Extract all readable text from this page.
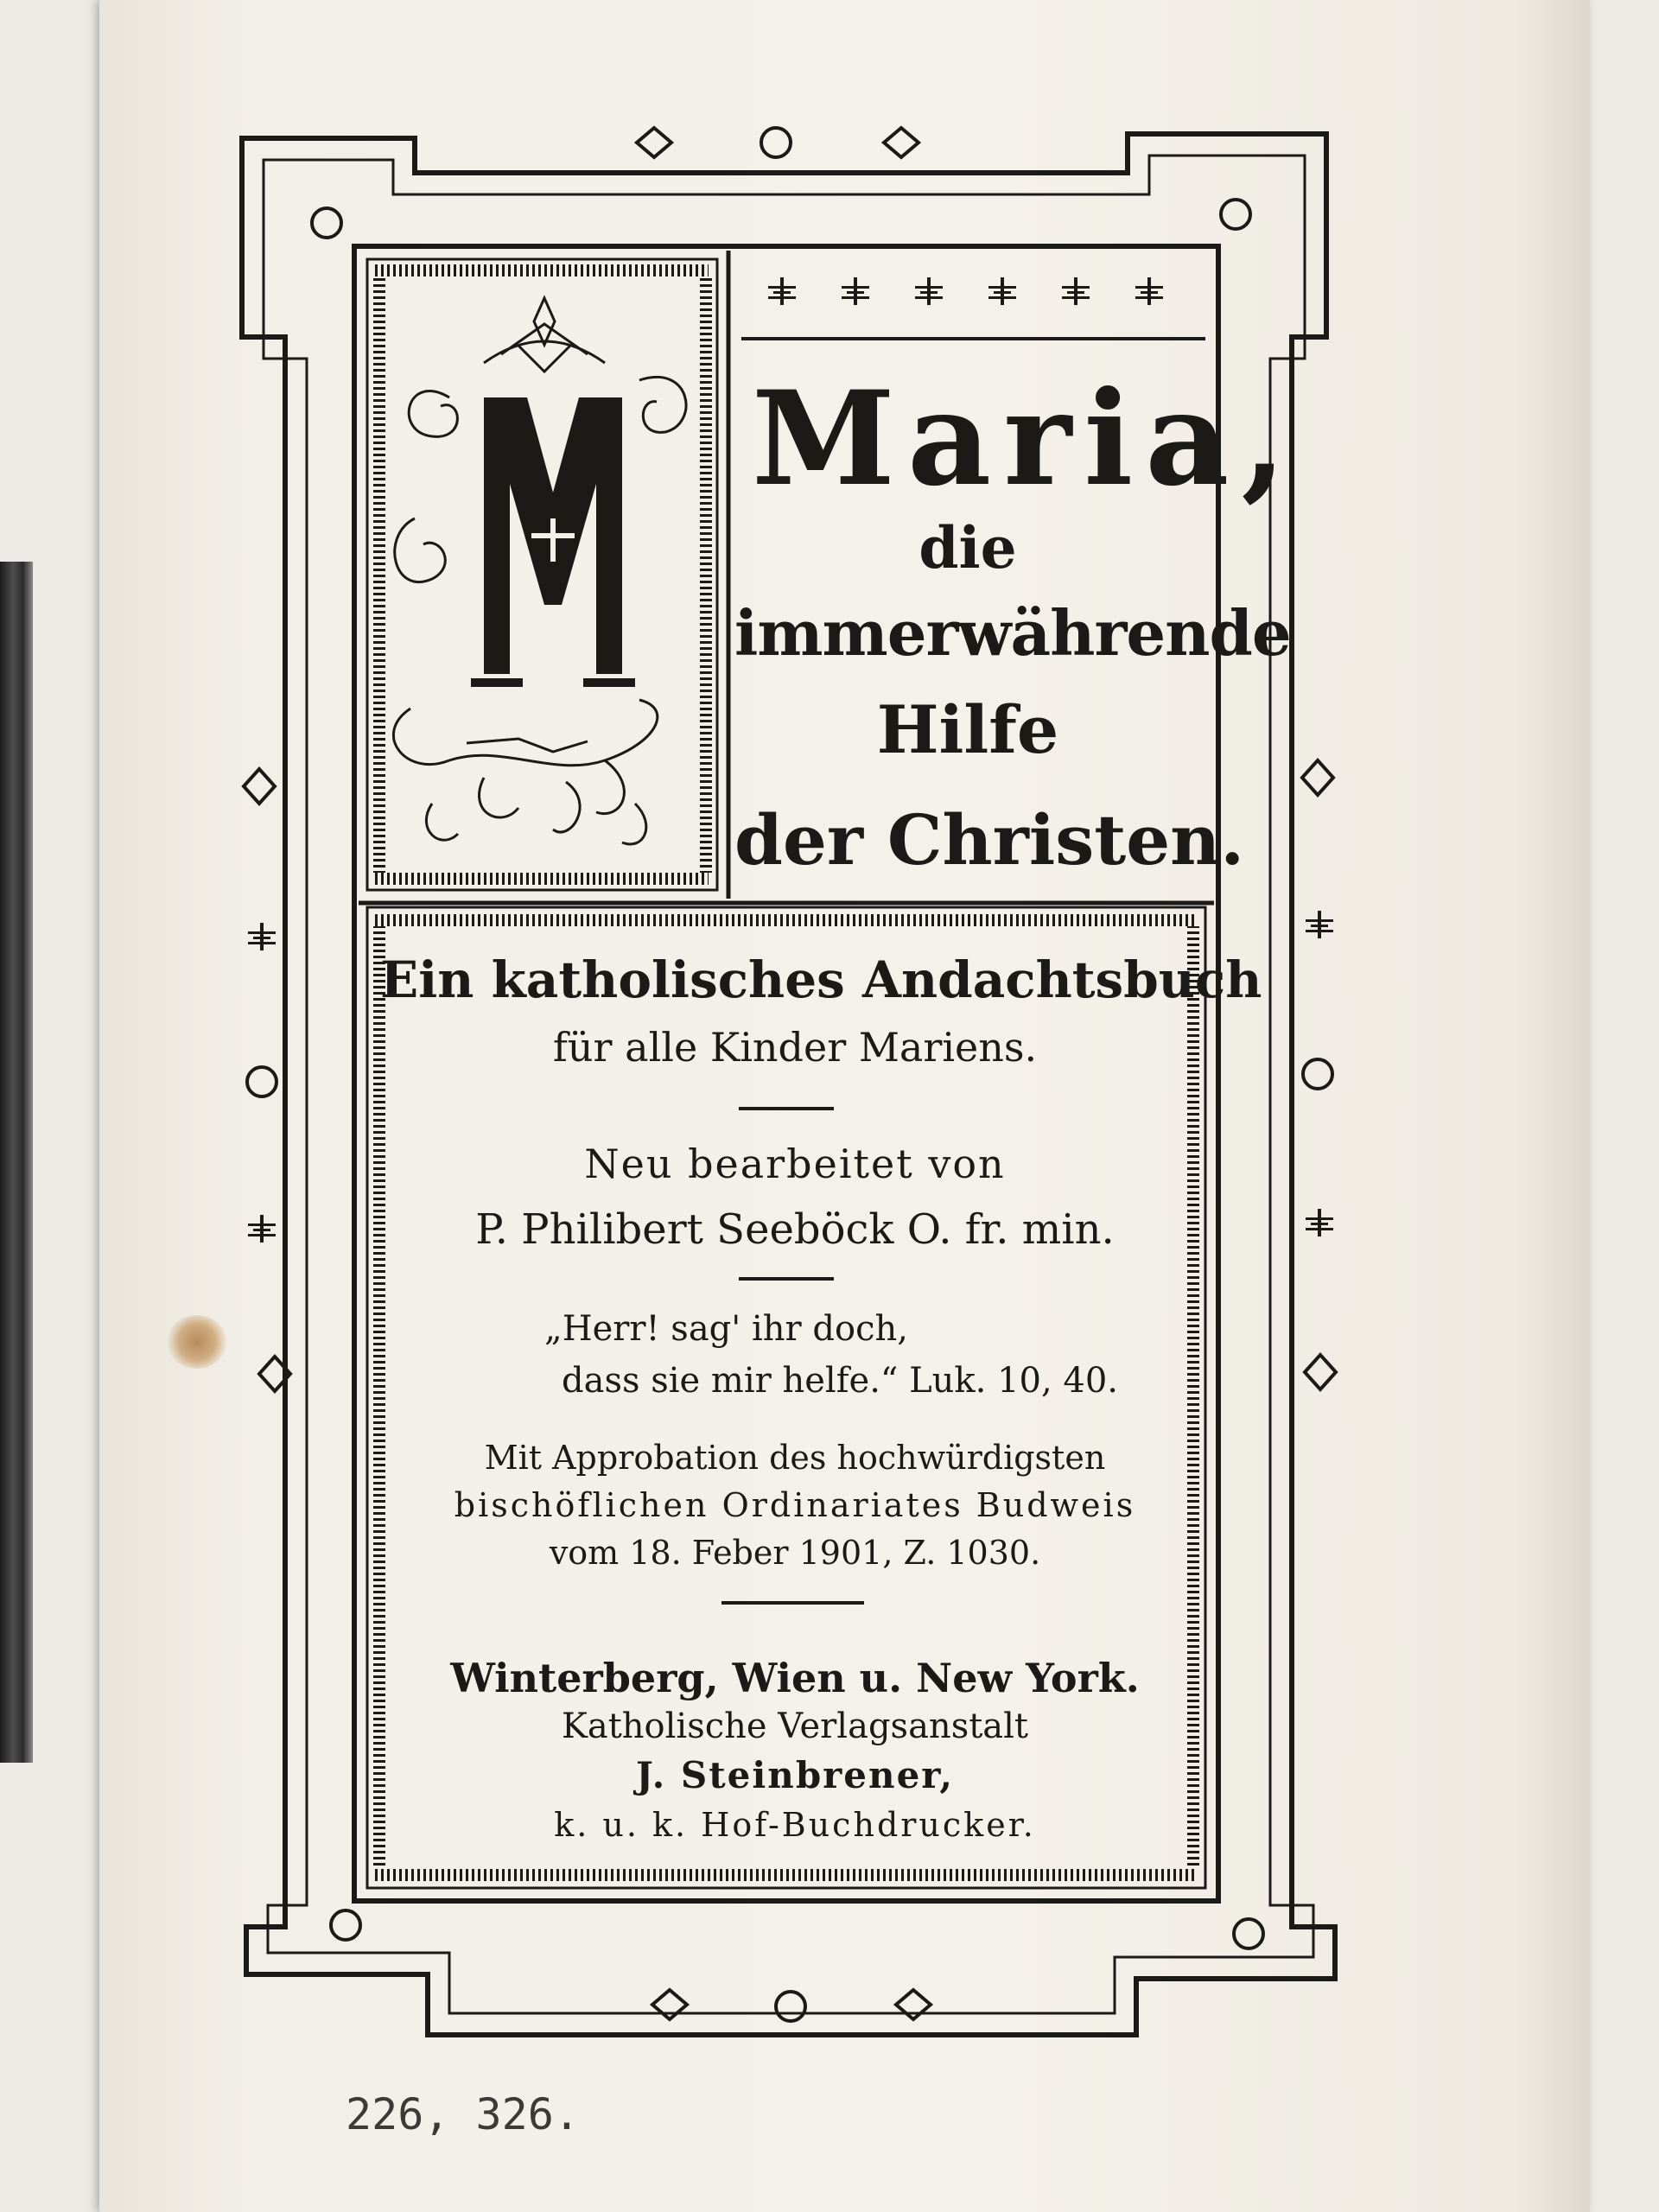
Maria,
die
immerwährende
Hilfe
der Christen.
Ein katholisches Andachtsbuch
für alle Kinder Mariens.
Neu bearbeitet von
P. Philibert Seeböck O. fr. min.
„Herr! sag' ihr doch,
dass sie mir helfe.“ Luk. 10, 40.
Mit Approbation des hochwürdigsten
bischöflichen Ordinariates Budweis
vom 18. Feber 1901, Z. 1030.
Winterberg, Wien u. New York.
Katholische Verlagsanstalt
J. Steinbrener,
k. u. k. Hof-Buchdrucker.
226, 326.
